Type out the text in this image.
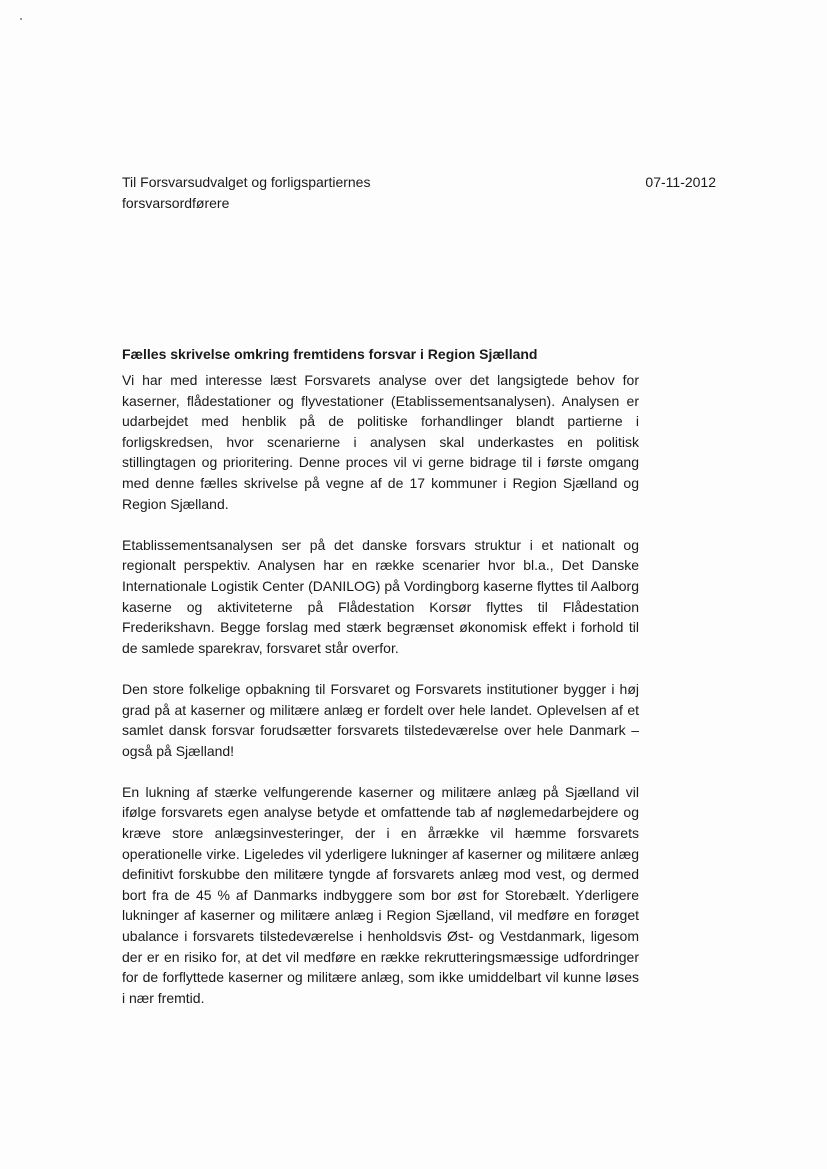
Til Forsvarsudvalget og forligspartiernes
forsvarsordførere
07-11-2012
Fælles skrivelse omkring fremtidens forsvar i Region Sjælland

Vi har med interesse læst Forsvarets analyse over det langsigtede behov for kaserner, flådestationer og flyvestationer (Etablissementsanalysen). Analysen er udarbejdet med henblik på de politiske forhandlinger blandt partierne i forligskredsen, hvor scenarierne i analysen skal underkastes en politisk stillingtagen og prioritering. Denne proces vil vi gerne bidrage til i første omgang med denne fælles skrivelse på vegne af de 17 kommuner i Region Sjælland og Region Sjælland.

Etablissementsanalysen ser på det danske forsvars struktur i et nationalt og regionalt perspektiv. Analysen har en række scenarier hvor bl.a., Det Danske Internationale Logistik Center (DANILOG) på Vordingborg kaserne flyttes til Aalborg kaserne og aktiviteterne på Flådestation Korsør flyttes til Flådestation Frederikshavn. Begge forslag med stærk begrænset økonomisk effekt i forhold til de samlede sparekrav, forsvaret står overfor.

Den store folkelige opbakning til Forsvaret og Forsvarets institutioner bygger i høj grad på at kaserner og militære anlæg er fordelt over hele landet. Oplevelsen af et samlet dansk forsvar forudsætter forsvarets tilstedeværelse over hele Danmark – også på Sjælland!

En lukning af stærke velfungerende kaserner og militære anlæg på Sjælland vil ifølge forsvarets egen analyse betyde et omfattende tab af nøglemedarbejdere og kræve store anlægsinvesteringer, der i en årrække vil hæmme forsvarets operationelle virke. Ligeledes vil yderligere lukninger af kaserner og militære anlæg definitivt forskubbe den militære tyngde af forsvarets anlæg mod vest, og dermed bort fra de 45 % af Danmarks indbyggere som bor øst for Storebælt. Yderligere lukninger af kaserner og militære anlæg i Region Sjælland, vil medføre en forøget ubalance i forsvarets tilstedeværelse i henholdsvis Øst- og Vestdanmark, ligesom der er en risiko for, at det vil medføre en række rekrutteringsmæssige udfordringer for de forflyttede kaserner og militære anlæg, som ikke umiddelbart vil kunne løses i nær fremtid.
